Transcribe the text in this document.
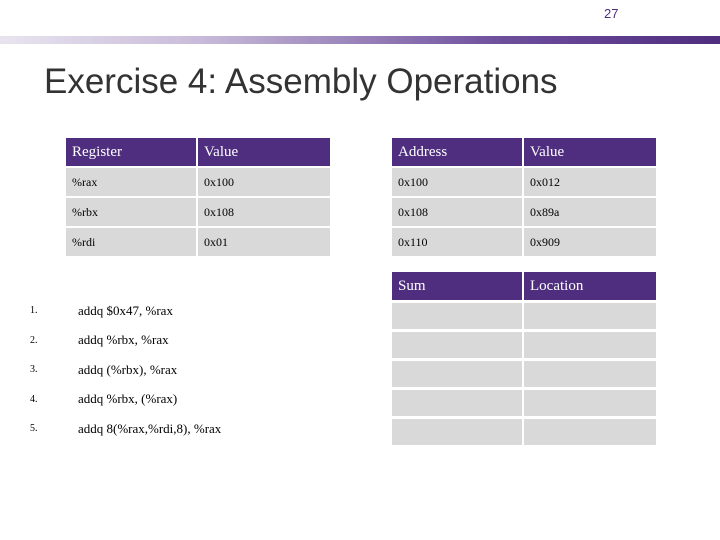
27
Exercise 4: Assembly Operations
Register	Value
%rax	0x100
%rbx	0x108
%rdi	0x01
Address	Value
0x100	0x012
0x108	0x89a
0x110	0x909
Sum	Location

1.	addq $0x47, %rax
2.	addq %rbx, %rax
3.	addq (%rbx), %rax
4.	addq %rbx, (%rax)
5.	addq 8(%rax,%rdi,8), %rax
